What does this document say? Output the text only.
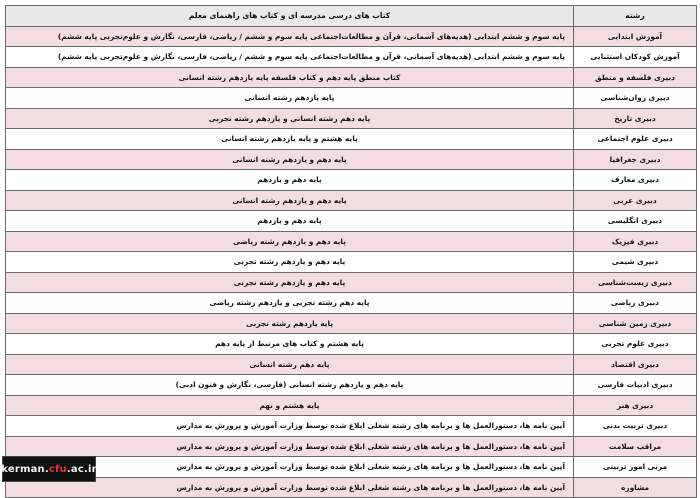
رشته	کتاب های درسی مدرسه ای و کتاب های راهنمای معلم
آموزش ابتدایی	پایه سوم و ششم ابتدایی (هدیه‌های آسمانی، قرآن و مطالعات‌اجتماعی پایه سوم و ششم / ریاضی، فارسی، نگارش و علوم‌تجربی پایه ششم)
آموزش کودکان استثنایی	پایه سوم و ششم ابتدایی (هدیه‌های آسمانی، قرآن و مطالعات‌اجتماعی پایه سوم و ششم / ریاضی، فارسی، نگارش و علوم‌تجربی پایه ششم)
دبیری فلسفه و منطق	کتاب منطق پایه دهم و کتاب فلسفه پایه یازدهم رشته انسانی
دبیری روان‌شناسی	پایه یازدهم رشته انسانی
دبیری تاریخ	پایه دهم رشته انسانی و یازدهم رشته تجربی
دبیری علوم اجتماعی	پایه هشتم و پایه یازدهم رشته انسانی
دبیری جغرافیا	پایه دهم و یازدهم رشته انسانی
دبیری معارف	پایه دهم و یازدهم
دبیری عربی	پایه دهم و یازدهم رشته انسانی
دبیری انگلیسی	پایه دهم و یازدهم
دبیری فیزیک	پایه دهم و یازدهم رشته ریاضی
دبیری شیمی	پایه دهم و یازدهم رشته تجربی
دبیری زیست‌شناسی	پایه دهم و یازدهم رشته تجربی
دبیری ریاضی	پایه دهم رشته تجربی و یازدهم رشته ریاضی
دبیری زمین شناسی	پایه یازدهم رشته تجربی
دبیری علوم تجربی	پایه هشتم و کتاب های مرتبط از پایه دهم
دبیری اقتصاد	پایه دهم رشته انسانی
دبیری ادبیات فارسی	پایه دهم و یازدهم رشته انسانی (فارسی، نگارش و فنون ادبی)
دبیری هنر	پایه هشتم و نهم
دبیری تربیت بدنی	آیین نامه ها، دستورالعمل ها و برنامه های رشته شغلی ابلاغ شده توسط وزارت آموزش و پرورش به مدارس
مراقب سلامت	آیین نامه ها، دستورالعمل ها و برنامه های رشته شغلی ابلاغ شده توسط وزارت آموزش و پرورش به مدارس
مربی امور تربیتی	آیین نامه ها، دستورالعمل ها و برنامه های رشته شغلی ابلاغ شده توسط وزارت آموزش و پرورش به مدارس
مشاوره	آیین نامه ها، دستورالعمل ها و برنامه های رشته شغلی ابلاغ شده توسط وزارت آموزش و پرورش به مدارس
kerman. cfu .ac.ir
